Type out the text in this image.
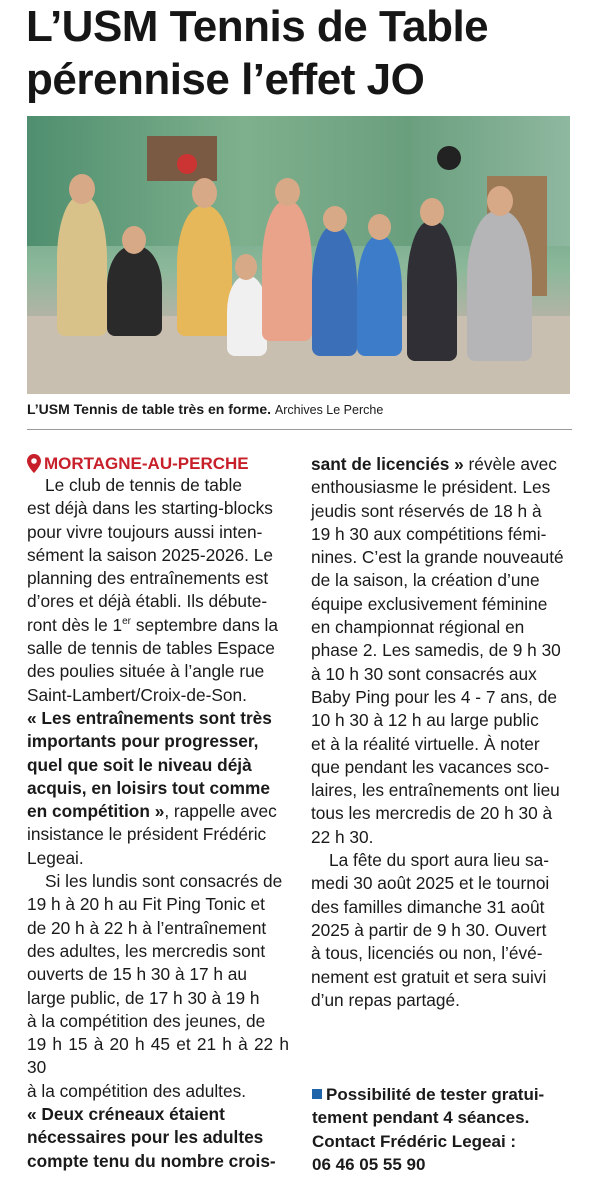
L’USM Tennis de Table
pérennise l’effet JO
L’USM Tennis de table très en forme. Archives Le Perche
MORTAGNE-AU-PERCHE

Le club de tennis de table

est déjà dans les starting-blocks

pour vivre toujours aussi inten-

sément la saison 2025-2026. Le

planning des entraînements est

d’ores et déjà établi. Ils débute-

ront dès le 1er septembre dans la

salle de tennis de tables Espace

des poulies située à l’angle rue

Saint-Lambert/Croix-de-Son.

« Les entraînements sont très

importants pour progresser,

quel que soit le niveau déjà

acquis, en loisirs tout comme

en compétition », rappelle avec

insistance le président Frédéric

Legeai.

Si les lundis sont consacrés de

19 h à 20 h au Fit Ping Tonic et

de 20 h à 22 h à l’entraînement

des adultes, les mercredis sont

ouverts de 15 h 30 à 17 h au

large public, de 17 h 30 à 19 h

à la compétition des jeunes, de

19 h 15 à 20 h 45 et 21 h à 22 h 30

à la compétition des adultes.

« Deux créneaux étaient

nécessaires pour les adultes

compte tenu du nombre crois-

sant de licenciés » révèle avec

enthousiasme le président. Les

jeudis sont réservés de 18 h à

19 h 30 aux compétitions fémi-

nines. C’est la grande nouveauté

de la saison, la création d’une

équipe exclusivement féminine

en championnat régional en

phase 2. Les samedis, de 9 h 30

à 10 h 30 sont consacrés aux

Baby Ping pour les 4 - 7 ans, de

10 h 30 à 12 h au large public

et à la réalité virtuelle. À noter

que pendant les vacances sco-

laires, les entraînements ont lieu

tous les mercredis de 20 h 30 à

22 h 30.

La fête du sport aura lieu sa-

medi 30 août 2025 et le tournoi

des familles dimanche 31 août

2025 à partir de 9 h 30. Ouvert

à tous, licenciés ou non, l’évé-

nement est gratuit et sera suivi

d’un repas partagé.

Possibilité de tester gratui-
tement pendant 4 séances.
Contact Frédéric Legeai :
06 46 05 55 90
